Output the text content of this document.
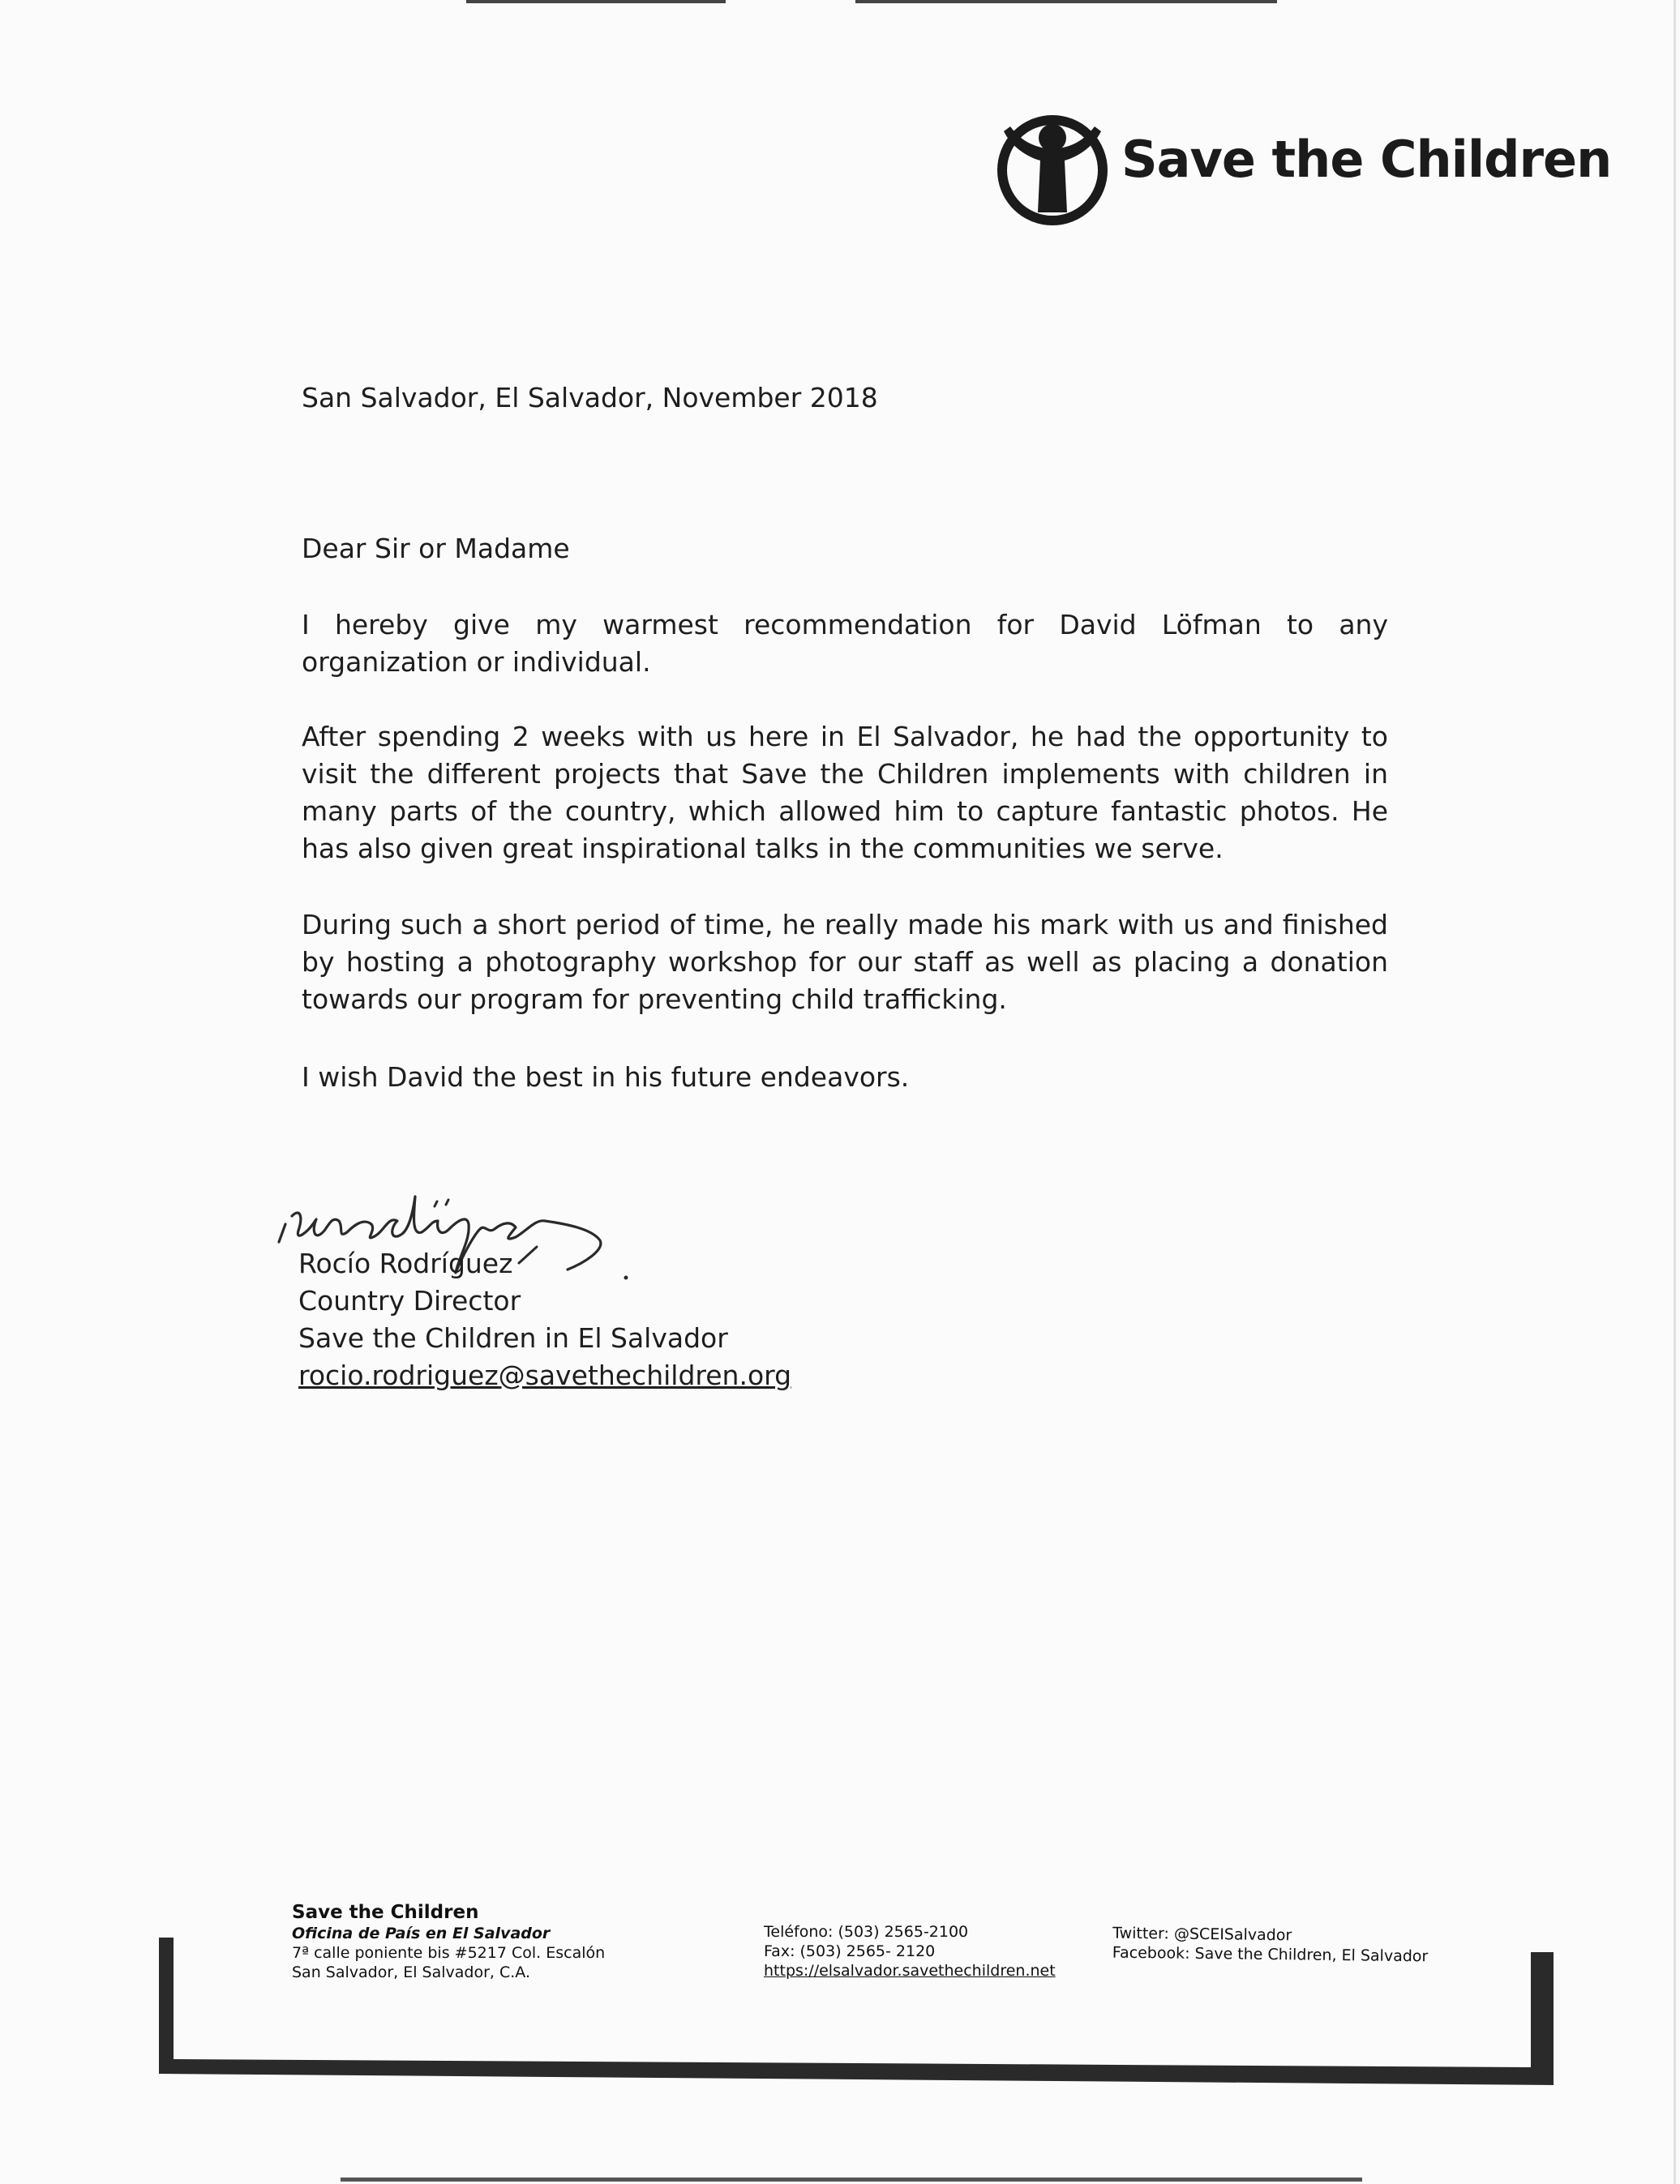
Save the Children
San Salvador, El Salvador, November 2018
Dear Sir or Madame
I hereby give my warmest recommendation for David Löfman to any organization or individual.
After spending 2 weeks with us here in El Salvador, he had the opportunity to visit the different projects that Save the Children implements with children in many parts of the country, which allowed him to capture fantastic photos. He has also given great inspirational talks in the communities we serve.
During such a short period of time, he really made his mark with us and finished by hosting a photography workshop for our staff as well as placing a donation towards our program for preventing child trafficking.
I wish David the best in his future endeavors.
Rocío Rodríguez
Country Director
Save the Children in El Salvador
rocio.rodriguez@savethechildren.org
Save the Children
Oficina de País en El Salvador
7ª calle poniente bis #5217 Col. Escalón
San Salvador, El Salvador, C.A.
Teléfono: (503) 2565-2100
Fax: (503) 2565- 2120
https://elsalvador.savethechildren.net
Twitter: @SCEISalvador
Facebook: Save the Children, El Salvador
